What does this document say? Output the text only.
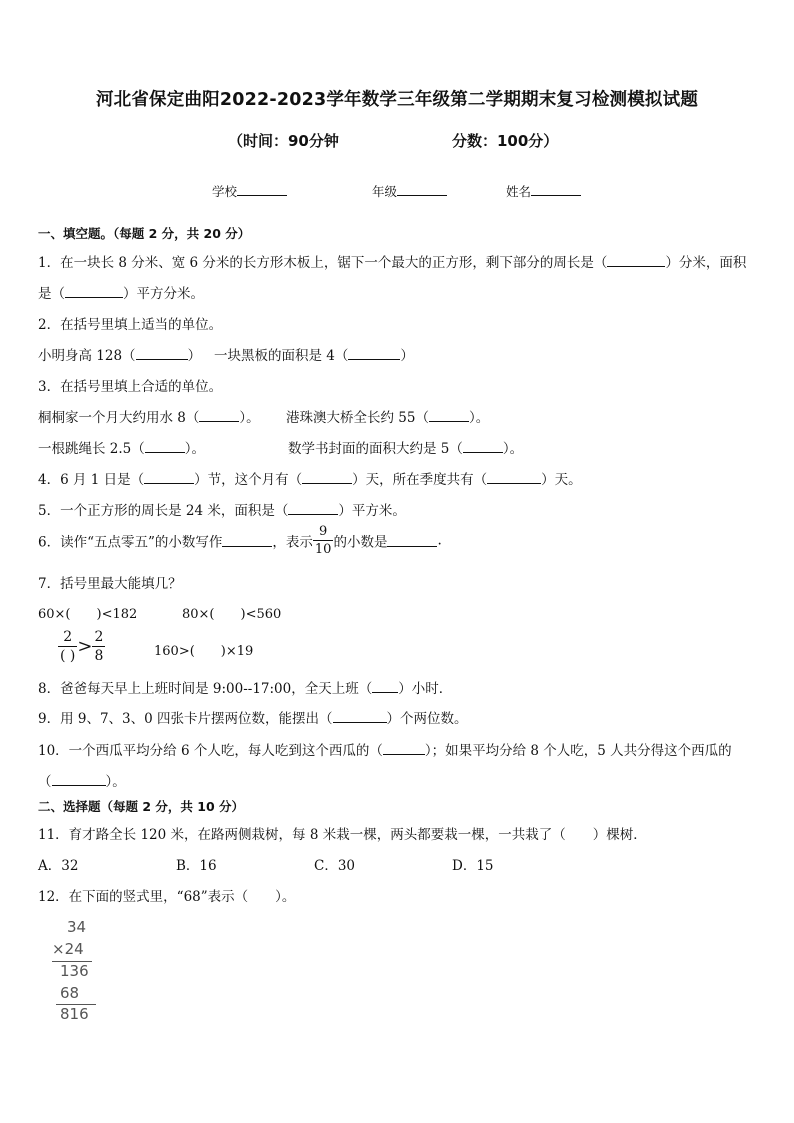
河北省保定曲阳2022-2023学年数学三年级第二学期期末复习检测模拟试题
（时间：90分钟	分数：100分）
学校	年级	姓名
一、填空题。（每题 2 分，共 20 分）
1．在一块长 8 分米、宽 6 分米的长方形木板上，锯下一个最大的正方形，剩下部分的周长是（	）分米，面积
是（	）平方分米。
2．在括号里填上适当的单位。
小明身高 128（	） 一块黑板的面积是 4（	）
3．在括号里填上合适的单位。
桐桐家一个月大约用水 8（	）。 港珠澳大桥全长约 55（	）。
一根跳绳长 2.5（	）。	数学书封面的面积大约是 5（	）。
4．6 月 1 日是（	）节，这个月有（	）天，所在季度共有（	）天。
5．一个正方形的周长是 24 米，面积是（	）平方米。
6．读作“五点零五”的小数写作	，表示 $\frac{9}{10}$ 的小数是	.
7．括号里最大能填几？
60×(　　)<182	80×(　　)<560
$\frac{2}{( )} > \frac{2}{8}$	160>(　　)×19
8．爸爸每天早上上班时间是 9:00--17:00，全天上班（ ）小时．
9．用 9、7、3、0 四张卡片摆两位数，能摆出（	）个两位数。
10．一个西瓜平均分给 6 个人吃，每人吃到这个西瓜的（	）；如果平均分给 8 个人吃，5 人共分得这个西瓜的
（	）。
二、选择题（每题 2 分，共 10 分）
11．育才路全长 120 米，在路两侧栽树，每 8 米栽一棵，两头都要栽一棵，一共栽了（　　）棵树．
A．32	B．16	C．30	D．15
12．在下面的竖式里，“68”表示（　　）。
34
×24
136
68
816
